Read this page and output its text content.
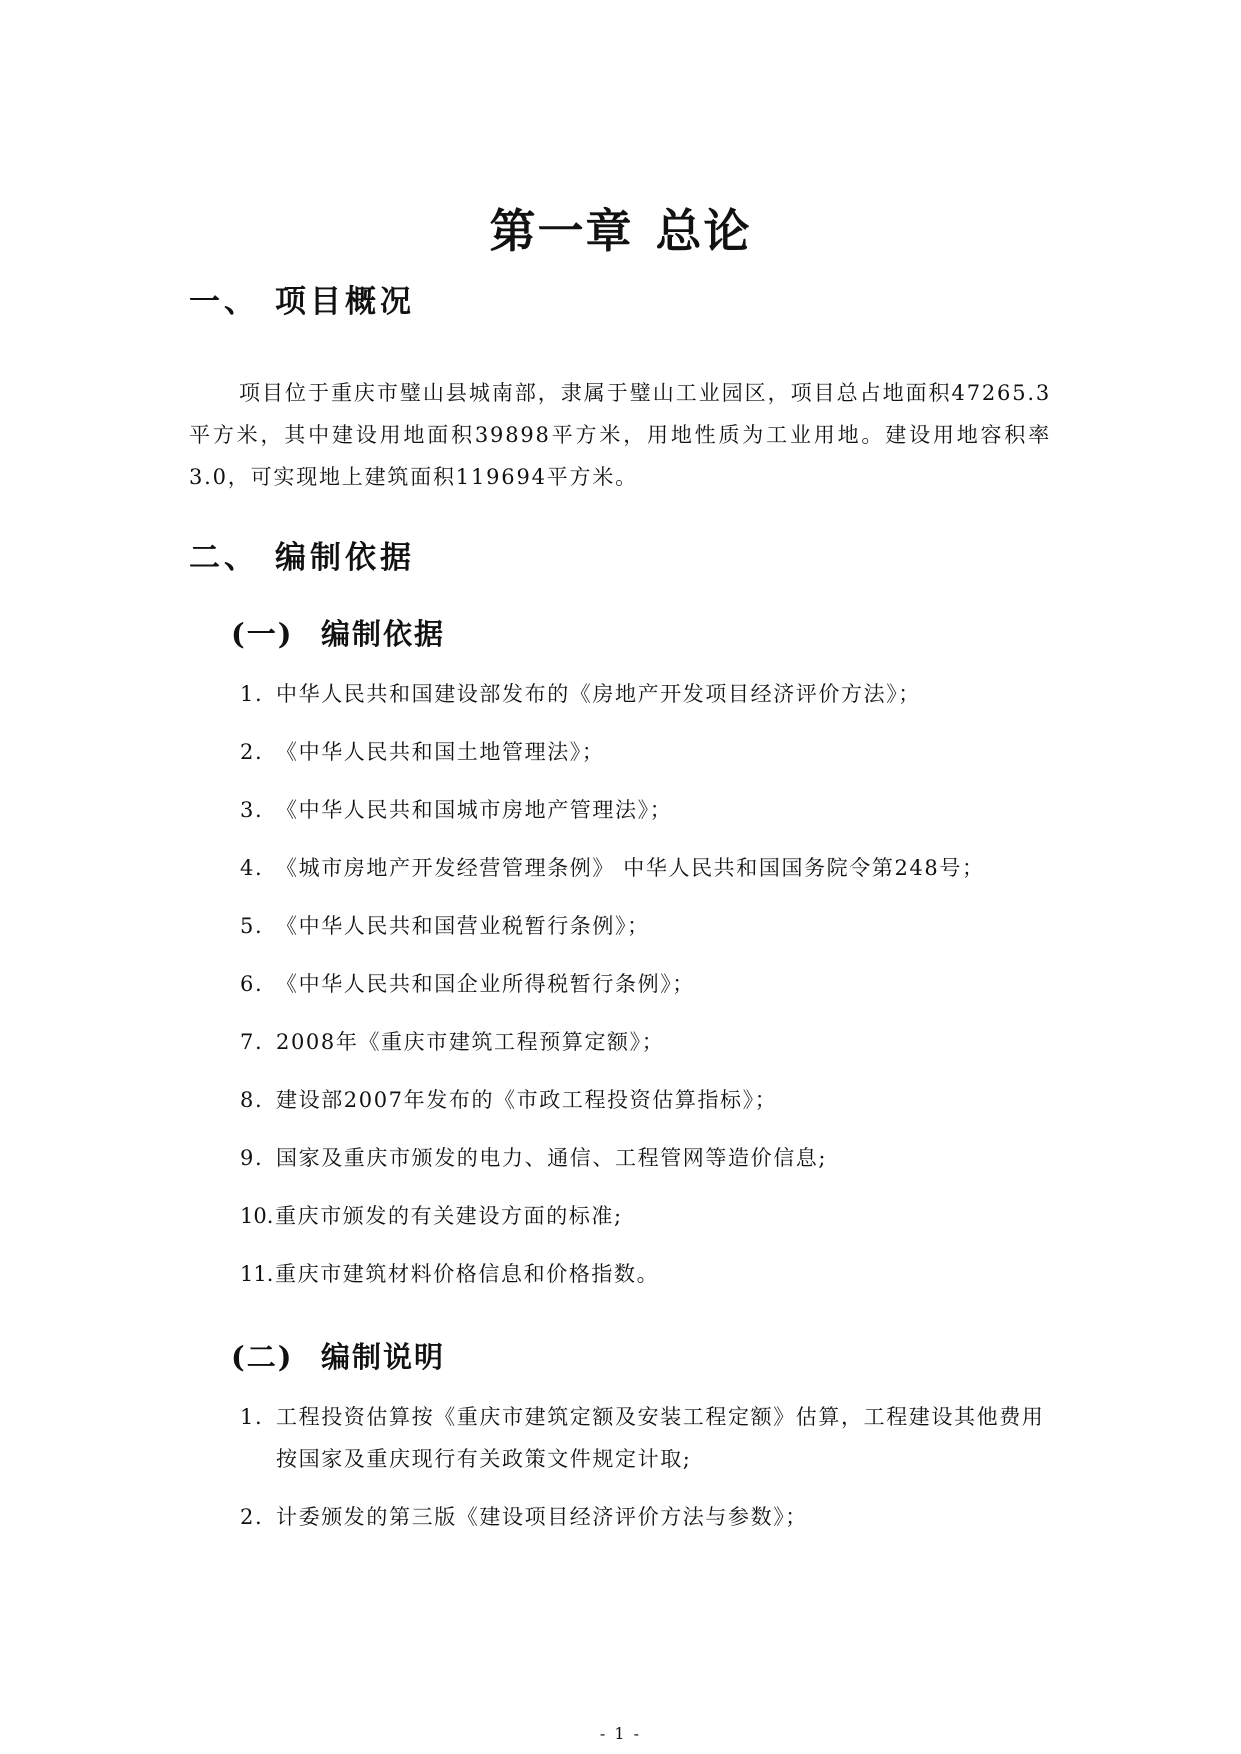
第一章 总论
一、 项目概况

项目位于重庆市璧山县城南部，隶属于璧山工业园区，项目总占地面积47265.3平方米，其中建设用地面积39898平方米，用地性质为工业用地。建设用地容积率3.0，可实现地上建筑面积119694平方米。

二、 编制依据
(一) 编制依据
1. 中华人民共和国建设部发布的《房地产开发项目经济评价方法》；
2. 《中华人民共和国土地管理法》；
3. 《中华人民共和国城市房地产管理法》；
4. 《城市房地产开发经营管理条例》 中华人民共和国国务院令第248号；
5. 《中华人民共和国营业税暂行条例》；
6. 《中华人民共和国企业所得税暂行条例》；
7. 2008年《重庆市建筑工程预算定额》；
8. 建设部2007年发布的《市政工程投资估算指标》；
9. 国家及重庆市颁发的电力、通信、工程管网等造价信息;
10. 重庆市颁发的有关建设方面的标准;
11. 重庆市建筑材料价格信息和价格指数。
(二) 编制说明
1. 工程投资估算按《重庆市建筑定额及安装工程定额》估算，工程建设其他费用按国家及重庆现行有关政策文件规定计取;
2. 计委颁发的第三版《建设项目经济评价方法与参数》；
- 1 -
